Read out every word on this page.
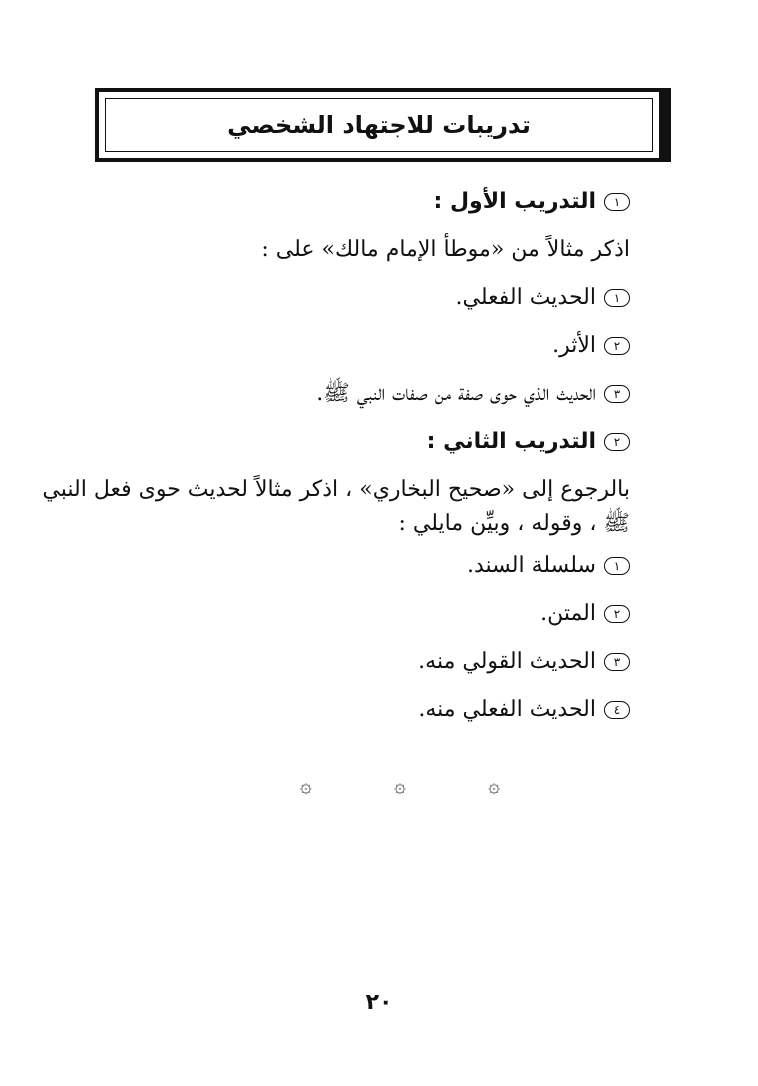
تدريبات للاجتهاد الشخصي
١
التدريب الأول :
اذكر مثالاً من «موطأ الإمام مالك» على :
١
الحديث الفعلي.
٢
الأثر.
٣
الحديث الذي حوى صفة من صفات النبي ﷺ.
٢
التدريب الثاني :
بالرجوع إلى «صحيح البخاري» ، اذكر مثالاً لحديث حوى فعل النبي
ﷺ ، وقوله ، وبيِّن مايلي :
١
سلسلة السند.
٢
المتن.
٣
الحديث القولي منه.
٤
الحديث الفعلي منه.
۞	۞	۞
٢٠
